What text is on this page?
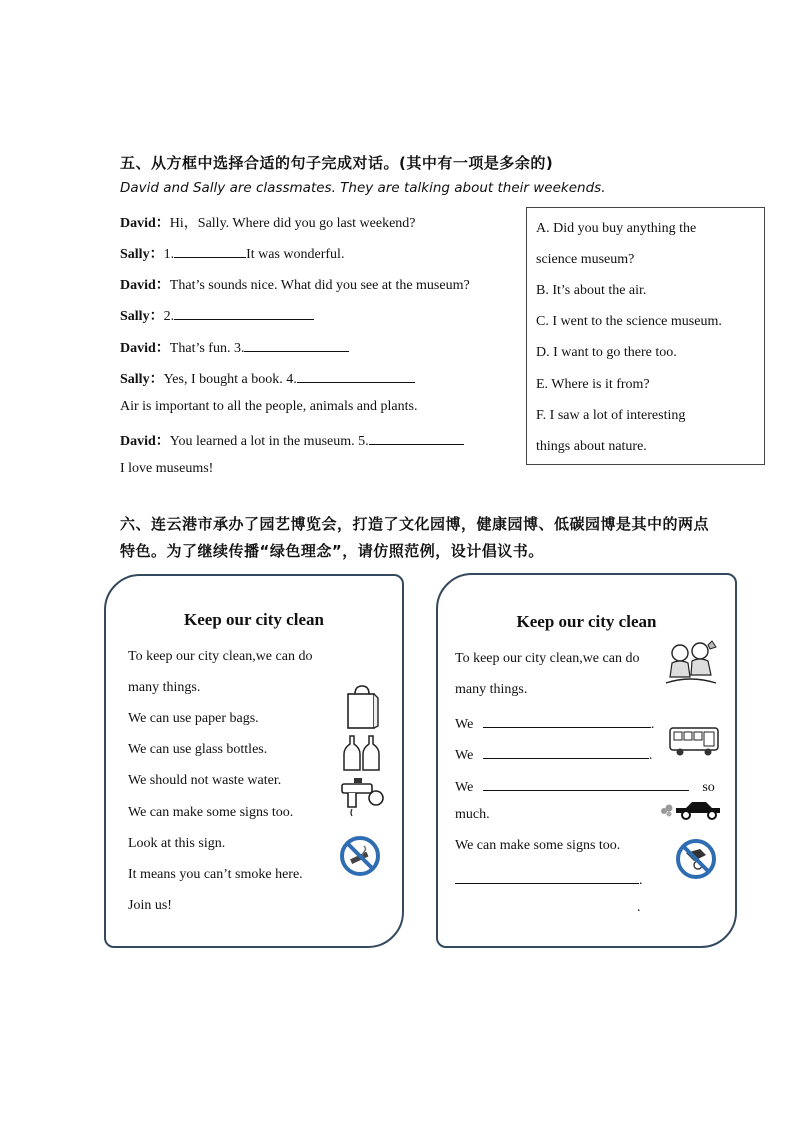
五、从方框中选择合适的句子完成对话。(其中有一项是多余的)
David and Sally are classmates. They are talking about their weekends.
David：Hi，Sally. Where did you go last weekend?
Sally：1.	It was wonderful.
David：That’s sounds nice. What did you see at the museum?
Sally：2.
David：That’s fun. 3.
Sally：Yes, I bought a book. 4.
Air is important to all the people, animals and plants.
David：You learned a lot in the museum. 5.
I love museums!
A. Did you buy anything the
science museum?
B. It’s about the air.
C. I went to the science museum.
D. I want to go there too.
E. Where is it from?
F. I saw a lot of interesting
things about nature.
六、连云港市承办了园艺博览会，打造了文化园博，健康园博、低碳园博是其中的两点
特色。为了继续传播“绿色理念”，请仿照范例，设计倡议书。
Keep our city clean
To keep our city clean,we can do
many things.
We can use paper bags.
We can use glass bottles.
We should not waste water.
We can make some signs too.
Look at this sign.
It means you can’t smoke here.
Join us!
Keep our city clean
To keep our city clean,we can do
many things.
We	.
We	.
We	so
much.
We can make some signs too.
.
.
